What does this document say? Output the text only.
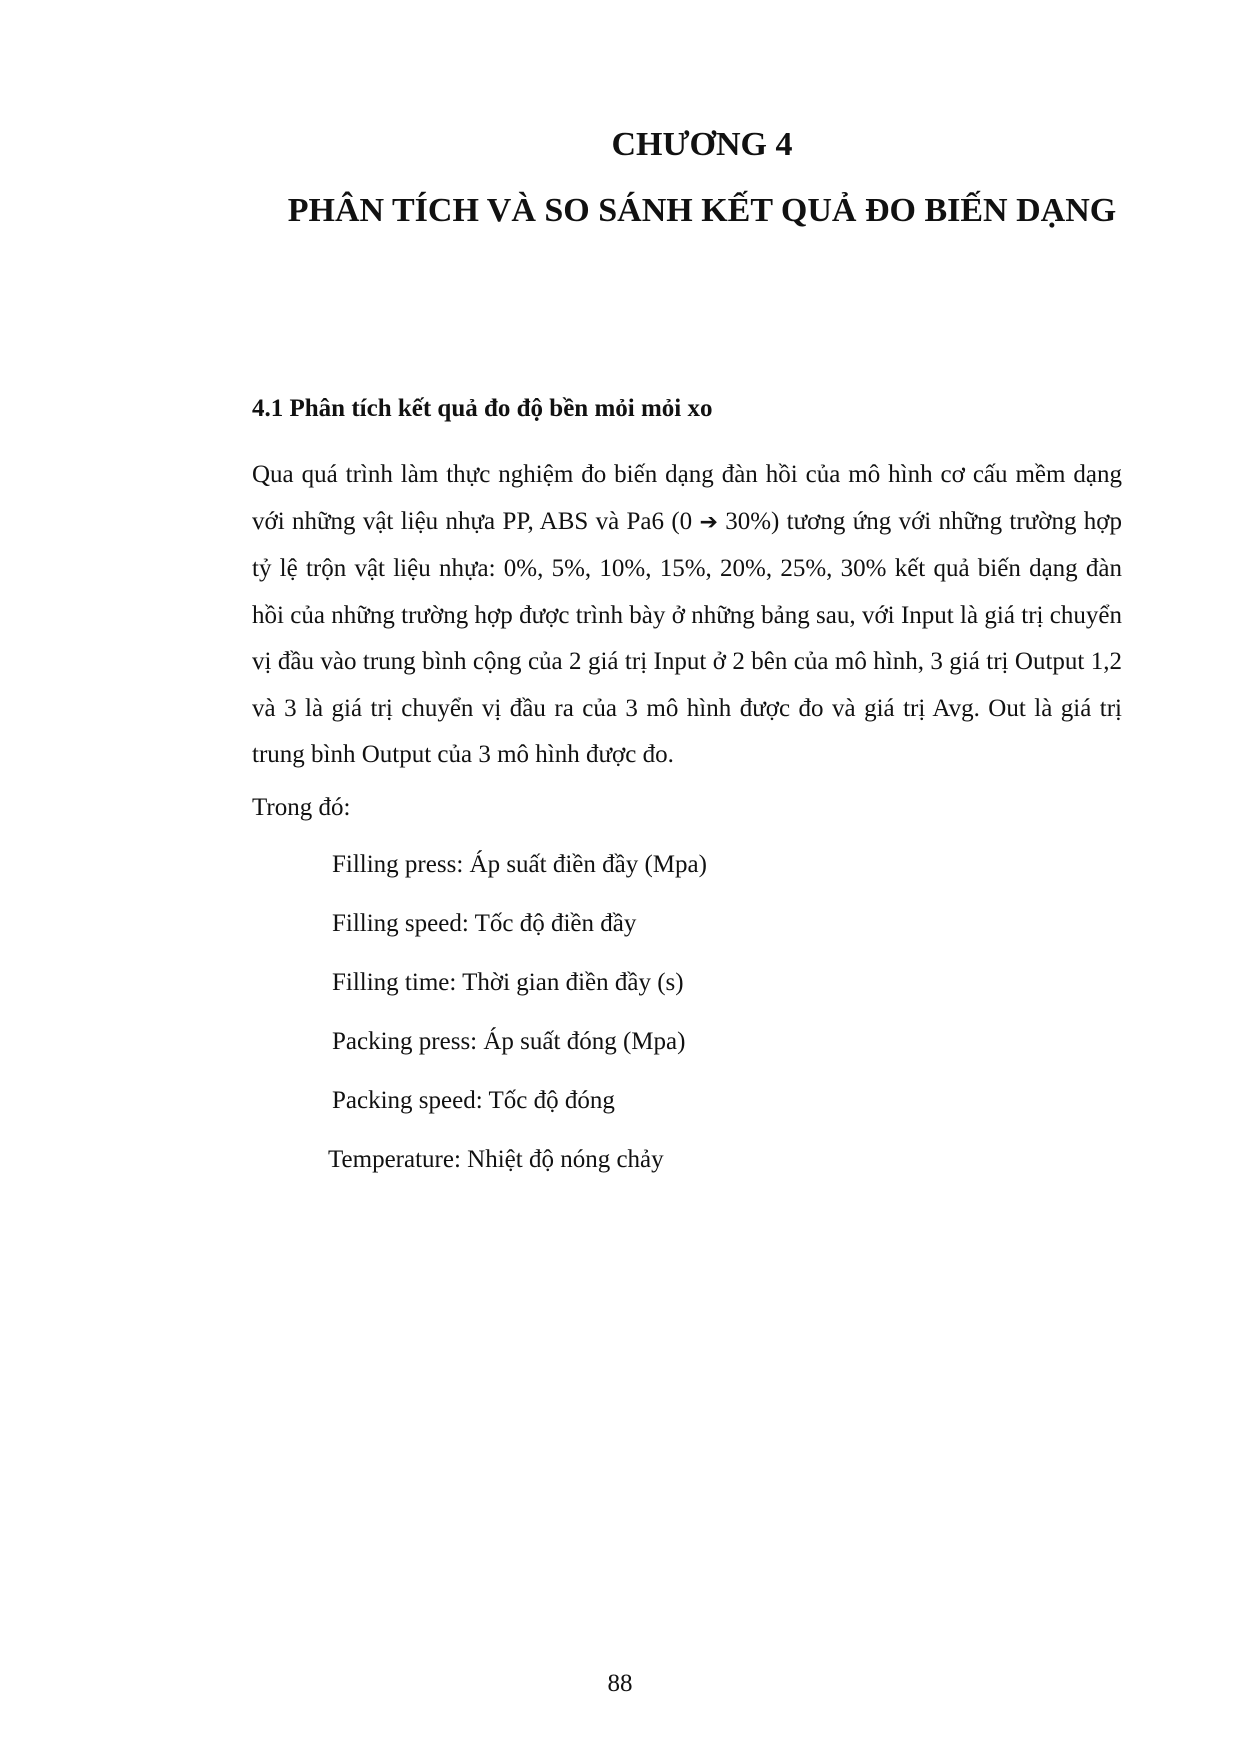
CHƯƠNG 4
PHÂN TÍCH VÀ SO SÁNH KẾT QUẢ ĐO BIẾN DẠNG
4.1 Phân tích kết quả đo độ bền mỏi mỏi xo

Qua quá trình làm thực nghiệm đo biến dạng đàn hồi của mô hình cơ cấu mềm dạng với những vật liệu nhựa PP, ABS và Pa6 (0 ➔ 30%) tương ứng với những trường hợp tỷ lệ trộn vật liệu nhựa: 0%, 5%, 10%, 15%, 20%, 25%, 30% kết quả biến dạng đàn hồi của những trường hợp được trình bày ở những bảng sau, với Input là giá trị chuyển vị đầu vào trung bình cộng của 2 giá trị Input ở 2 bên của mô hình, 3 giá trị Output 1,2 và 3 là giá trị chuyển vị đầu ra của 3 mô hình được đo và giá trị Avg. Out là giá trị trung bình Output của 3 mô hình được đo.

Trong đó:
Filling press: Áp suất điền đầy (Mpa)
Filling speed: Tốc độ điền đầy
Filling time: Thời gian điền đầy (s)
Packing press: Áp suất đóng (Mpa)
Packing speed: Tốc độ đóng
Temperature: Nhiệt độ nóng chảy
88
